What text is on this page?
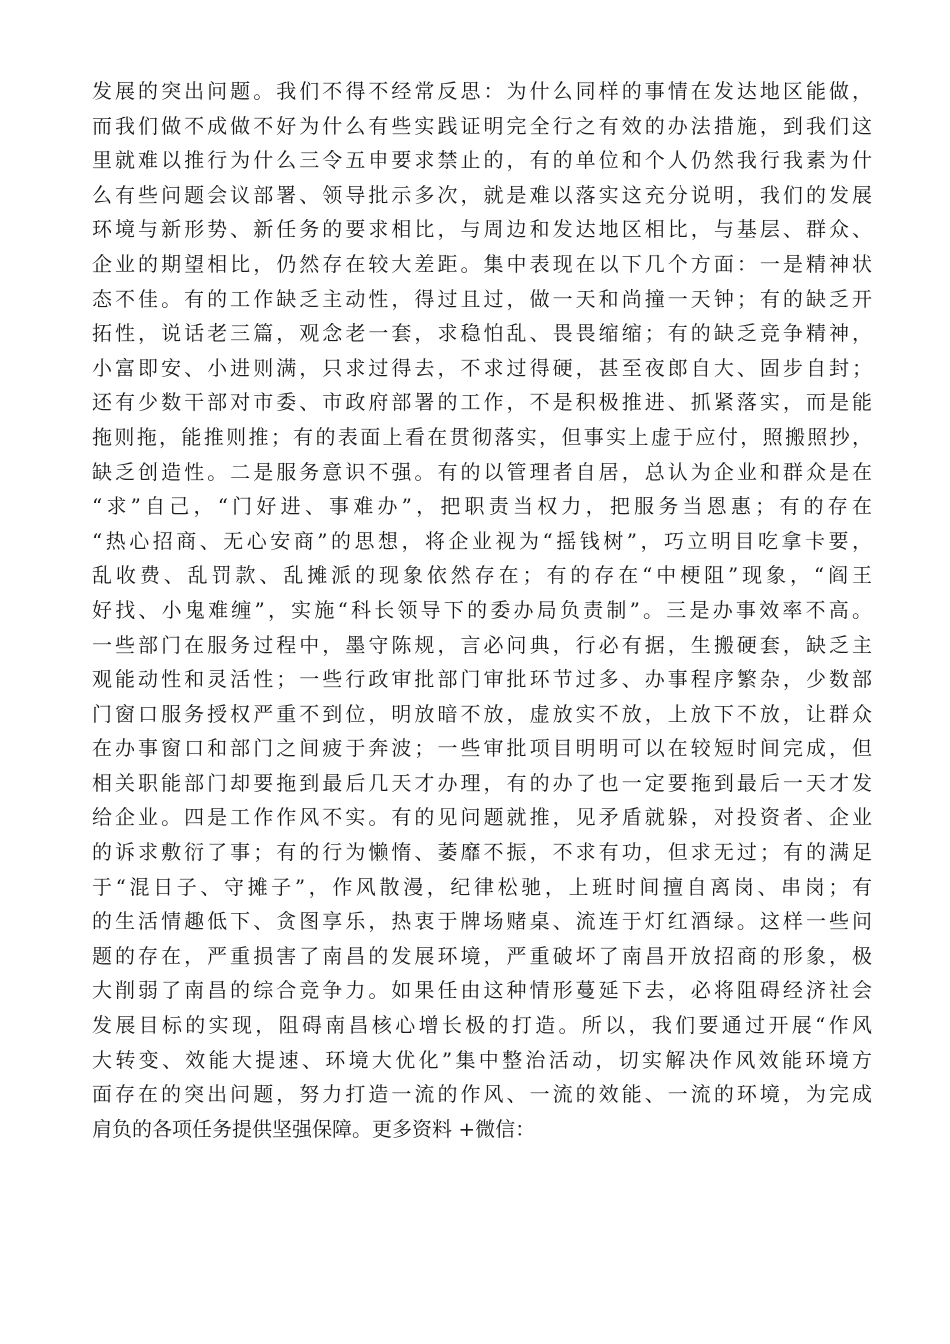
发展的突出问题。我们不得不经常反思：为什么同样的事情在发达地区能做，
而我们做不成做不好为什么有些实践证明完全行之有效的办法措施，到我们这
里就难以推行为什么三令五申要求禁止的，有的单位和个人仍然我行我素为什
么有些问题会议部署、领导批示多次，就是难以落实这充分说明，我们的发展
环境与新形势、新任务的要求相比，与周边和发达地区相比，与基层、群众、
企业的期望相比，仍然存在较大差距。集中表现在以下几个方面：一是精神状
态不佳。有的工作缺乏主动性，得过且过，做一天和尚撞一天钟；有的缺乏开
拓性，说话老三篇，观念老一套，求稳怕乱、畏畏缩缩；有的缺乏竞争精神，
小富即安、小进则满，只求过得去，不求过得硬，甚至夜郎自大、固步自封；
还有少数干部对市委、市政府部署的工作，不是积极推进、抓紧落实，而是能
拖则拖，能推则推；有的表面上看在贯彻落实，但事实上虚于应付，照搬照抄，
缺乏创造性。二是服务意识不强。有的以管理者自居，总认为企业和群众是在
“求”自己，“门好进、事难办”，把职责当权力，把服务当恩惠；有的存在
“热心招商、无心安商”的思想，将企业视为“摇钱树”，巧立明目吃拿卡要，
乱收费、乱罚款、乱摊派的现象依然存在；有的存在“中梗阻”现象，“阎王
好找、小鬼难缠”，实施“科长领导下的委办局负责制”。三是办事效率不高。
一些部门在服务过程中，墨守陈规，言必问典，行必有据，生搬硬套，缺乏主
观能动性和灵活性；一些行政审批部门审批环节过多、办事程序繁杂，少数部
门窗口服务授权严重不到位，明放暗不放，虚放实不放，上放下不放，让群众
在办事窗口和部门之间疲于奔波；一些审批项目明明可以在较短时间完成，但
相关职能部门却要拖到最后几天才办理，有的办了也一定要拖到最后一天才发
给企业。四是工作作风不实。有的见问题就推，见矛盾就躲，对投资者、企业
的诉求敷衍了事；有的行为懒惰、萎靡不振，不求有功，但求无过；有的满足
于“混日子、守摊子”，作风散漫，纪律松驰，上班时间擅自离岗、串岗；有
的生活情趣低下、贪图享乐，热衷于牌场赌桌、流连于灯红酒绿。这样一些问
题的存在，严重损害了南昌的发展环境，严重破坏了南昌开放招商的形象，极
大削弱了南昌的综合竞争力。如果任由这种情形蔓延下去，必将阻碍经济社会
发展目标的实现，阻碍南昌核心增长极的打造。所以，我们要通过开展“作风
大转变、效能大提速、环境大优化”集中整治活动，切实解决作风效能环境方
面存在的突出问题，努力打造一流的作风、一流的效能、一流的环境，为完成
肩负的各项任务提供坚强保障。更多资料 +微信：
